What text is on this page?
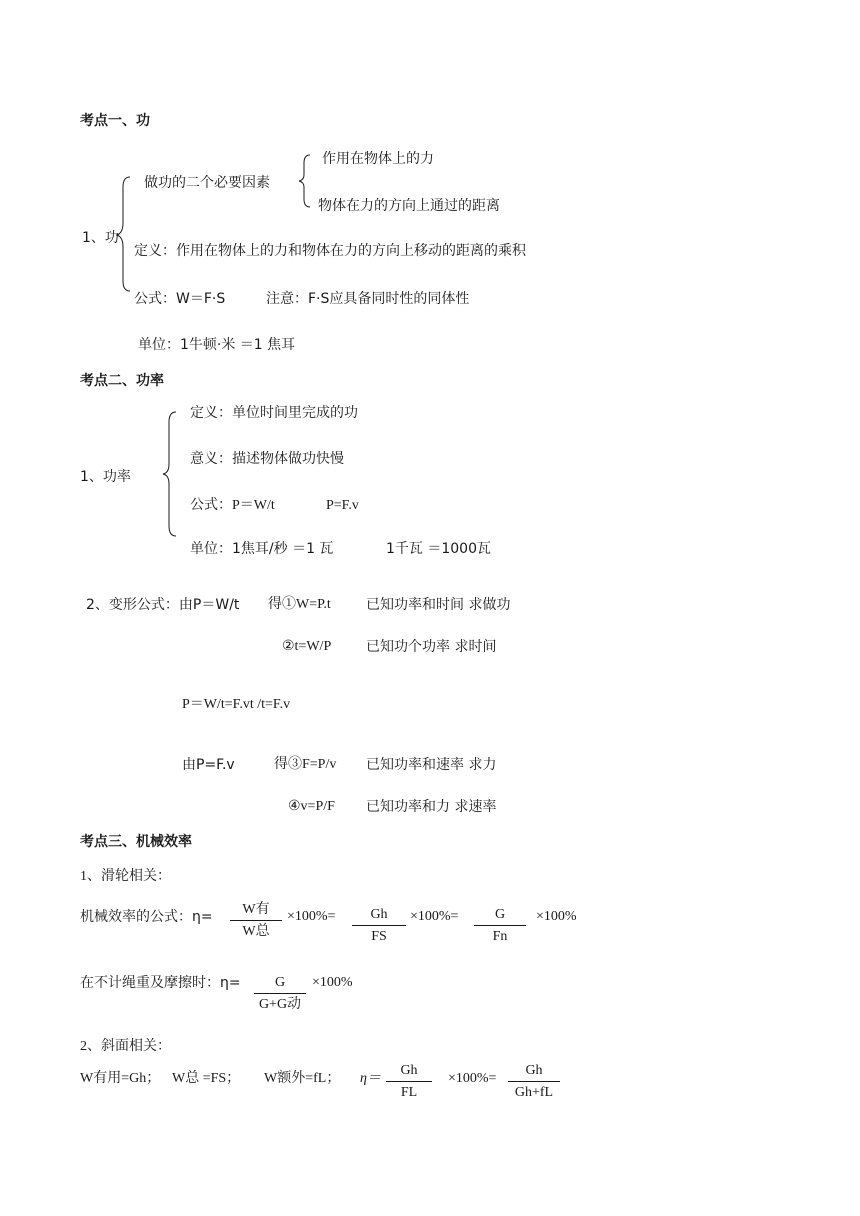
考点一、功
1、功
做功的二个必要因素
作用在物体上的力
物体在力的方向上通过的距离
定义：作用在物体上的力和物体在力的方向上移动的距离的乘积
公式：W＝F·S	注意：F·S应具备同时性的同体性
单位：1牛顿·米 ＝1 焦耳
考点二、功率
1、功率
定义：单位时间里完成的功
意义：描述物体做功快慢
公式：P＝W/t	P=F.v
单位：1焦耳/秒 ＝1 瓦	1千瓦 ＝1000瓦
2、变形公式：由P＝W/t 得①W=P.t	已知功率和时间 求做功
②t=W/P 已知功个功率 求时间
P＝W/t=F.vt /t=F.v
由P=F.v	得③F=P/v 已知功率和速率 求力
④v=P/F 已知功率和力 求速率
考点三、机械效率
1、滑轮相关：
机械效率的公式：η=	W有
W总
$\times 100\%= \frac{Gh}{FS} \times 100\%= \frac{G}{Fn} \times 100\%$
在不计绳重及摩擦时：η=	G
G+G动
×100%
2、斜面相关：
W有用=Gh； W总 =FS； W额外=fL； $\eta= \frac{Gh}{FL} \times 100\%= \frac{Gh}{Gh+fL}$
